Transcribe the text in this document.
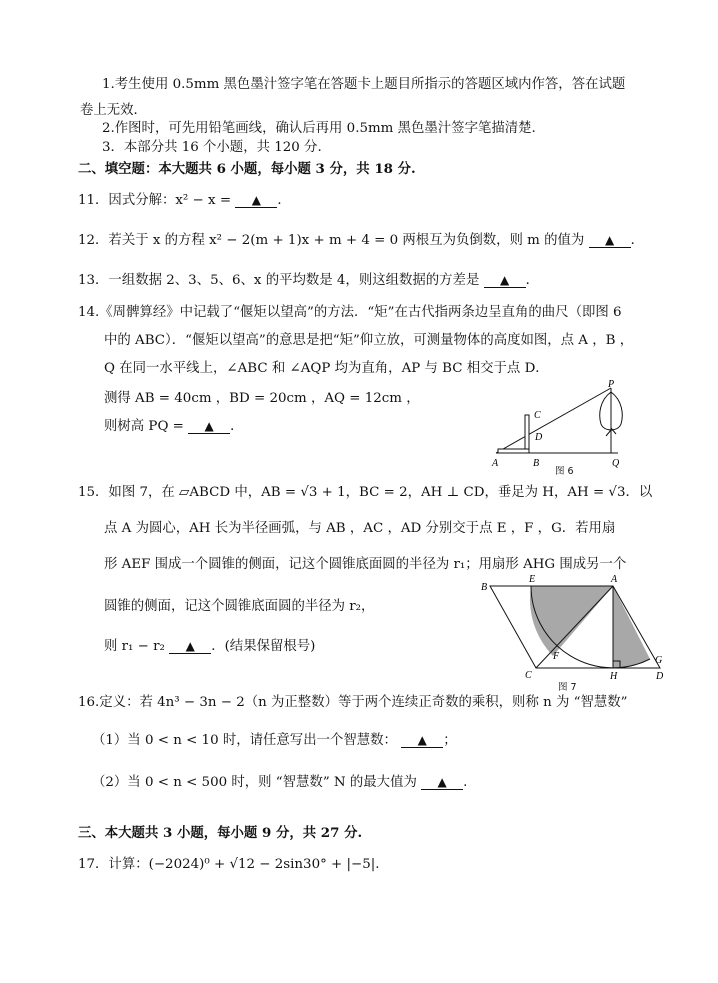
1.考生使用 0.5mm 黑色墨汁签字笔在答题卡上题目所指示的答题区域内作答，答在试题
卷上无效．
2.作图时，可先用铅笔画线，确认后再用 0.5mm 黑色墨汁签字笔描清楚.
3．本部分共 16 个小题，共 120 分.
二、填空题：本大题共 6 小题，每小题 3 分，共 18 分.
11．因式分解：x² − x = ▲ ．
12．若关于 x 的方程 x² − 2(m + 1)x + m + 4 = 0 两根互为负倒数，则 m 的值为 ▲ ．
13．一组数据 2、3、5、6、x 的平均数是 4，则这组数据的方差是 ▲ ．
14.《周髀算经》中记载了“偃矩以望高”的方法．“矩”在古代指两条边呈直角的曲尺（即图 6
中的 ABC）．“偃矩以望高”的意思是把“矩”仰立放，可测量物体的高度如图，点 A ，B ，
Q 在同一水平线上，∠ABC 和 ∠AQP 均为直角，AP 与 BC 相交于点 D．
测得 AB = 40cm ，BD = 20cm ，AQ = 12cm ，
则树高 PQ = ▲ ．
P
C
D
A	B	Q
图 6
15．如图 7，在 ▱ABCD 中，AB = √3 + 1，BC = 2，AH ⊥ CD，垂足为 H，AH = √3．以
点 A 为圆心，AH 长为半径画弧，与 AB ，AC ，AD 分别交于点 E ，F ，G．若用扇
形 AEF 围成一个圆锥的侧面，记这个圆锥底面圆的半径为 r₁；用扇形 AHG 围成另一个
圆锥的侧面，记这个圆锥底面圆的半径为 r₂，
则 r₁ − r₂ ▲ ．(结果保留根号)
B
E	A
F
C	H	D
G
图 7
16.定义：若 4n³ − 3n − 2（n 为正整数）等于两个连续正奇数的乘积，则称 n 为 “智慧数”
（1）当 0 < n < 10 时，请任意写出一个智慧数： ▲ ；
（2）当 0 < n < 500 时，则 “智慧数” N 的最大值为 ▲ .
三、本大题共 3 小题，每小题 9 分，共 27 分.
17．计算：(−2024)⁰ + √12 − 2sin30° + |−5|.
